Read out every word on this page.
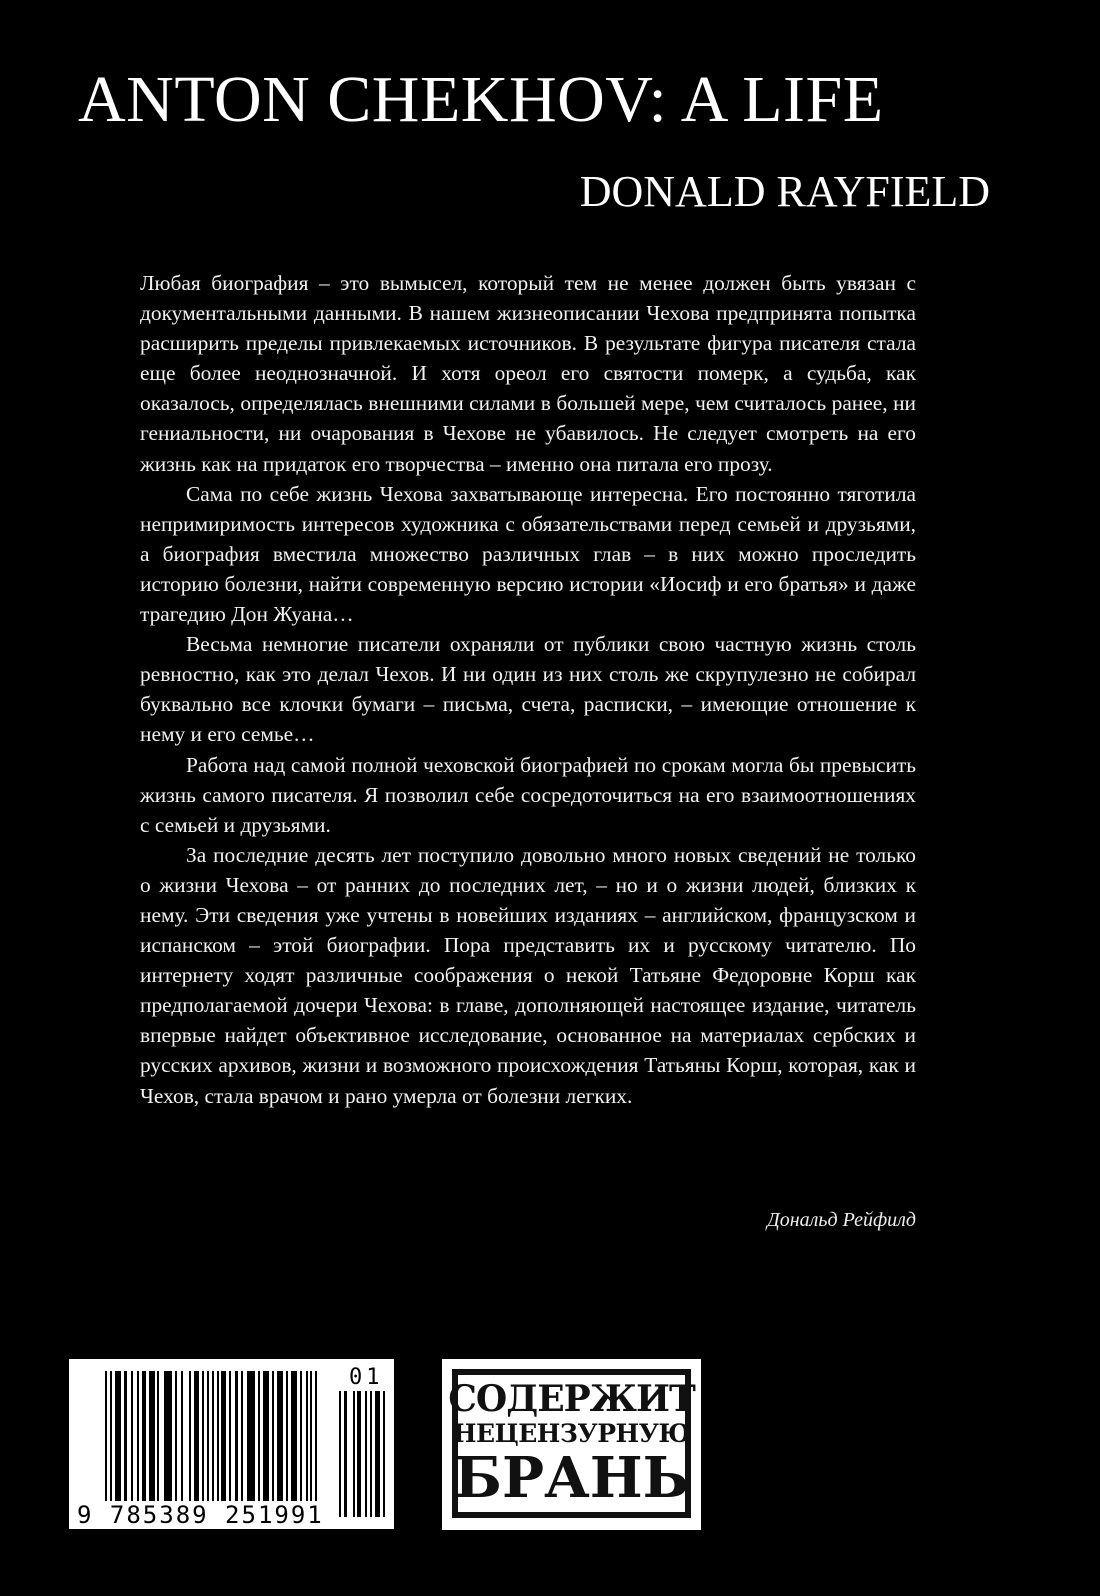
ANTON CHEKHOV: A LIFE
DONALD RAYFIELD

Любая биография – это вымысел, который тем не менее должен быть увязан с документальными данными. В нашем жизнеописании Чехова предпринята попытка расширить пределы привлекаемых источников. В результате фигура писателя стала еще более неоднозначной. И хотя ореол его святости померк, а судьба, как оказалось, определялась внешними силами в большей мере, чем считалось ранее, ни гениальности, ни очарования в Чехове не убавилось. Не следует смотреть на его жизнь как на придаток его творчества – именно она питала его прозу.

Сама по себе жизнь Чехова захватывающе интересна. Его постоянно тяготила непримиримость интересов художника с обязательствами перед семьей и друзьями, а биография вместила множество различных глав – в них можно проследить историю болезни, найти современную версию истории «Иосиф и его братья» и даже трагедию Дон Жуана…

Весьма немногие писатели охраняли от публики свою частную жизнь столь ревностно, как это делал Чехов. И ни один из них столь же скрупулезно не собирал буквально все клочки бумаги – письма, счета, расписки, – имеющие отношение к нему и его семье…

Работа над самой полной чеховской биографией по срокам могла бы превысить жизнь самого писателя. Я позволил себе сосредоточиться на его взаимоотношениях с семьей и друзьями.

За последние десять лет поступило довольно много новых сведений не только о жизни Чехова – от ранних до последних лет, – но и о жизни людей, близких к нему. Эти сведения уже учтены в новейших изданиях – английском, французском и испанском – этой биографии. Пора представить их и русскому читателю. По интернету ходят различные соображения о некой Татьяне Федоровне Корш как предполагаемой дочери Чехова: в главе, дополняющей настоящее издание, читатель впервые найдет объективное исследование, основанное на материалах сербских и русских архивов, жизни и возможного происхождения Татьяны Корш, которая, как и Чехов, стала врачом и рано умерла от болезни легких.

Дональд Рейфилд
01
9 785389 251991
СОДЕРЖИТ
НЕЦЕНЗУРНУЮ
БРАНЬ
